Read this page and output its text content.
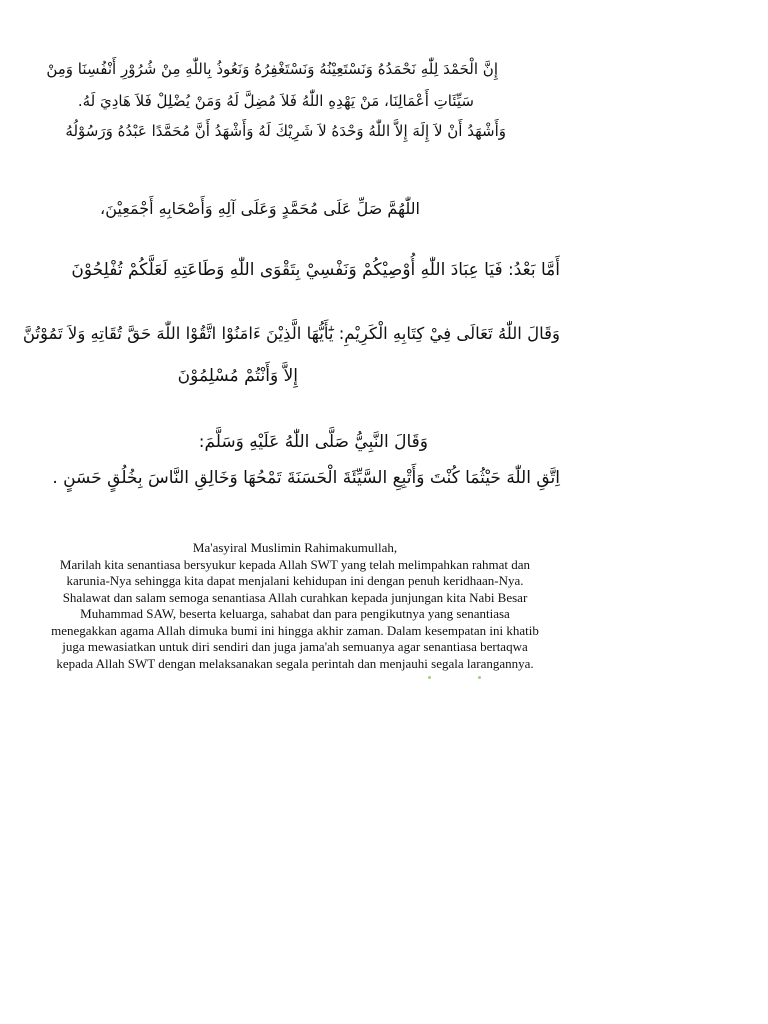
إِنَّ الْحَمْدَ لِلّٰهِ نَحْمَدُهُ وَنَسْتَعِيْنُهُ وَنَسْتَغْفِرُهُ وَنَعُوذُ بِاللّٰهِ مِنْ شُرُوْرِ أَنْفُسِنَا وَمِنْ
سَيِّئَاتِ أَعْمَالِنَا، مَنْ يَهْدِهِ اللّٰهُ فَلاَ مُضِلَّ لَهُ وَمَنْ يُضْلِلْ فَلاَ هَادِيَ لَهُ.
وَأَشْهَدُ أَنْ لاَ إِلَهَ إِلاَّ اللّٰهُ وَحْدَهُ لاَ شَرِيْكَ لَهُ وَأَشْهَدُ أَنَّ مُحَمَّدًا عَبْدُهُ وَرَسُوْلُهُ
اللّٰهُمَّ صَلِّ عَلَى مُحَمَّدٍ وَعَلَى آلِهِ وَأَصْحَابِهِ أَجْمَعِيْنَ،
أَمَّا بَعْدُ: فَيَا عِبَادَ اللّٰهِ أُوْصِيْكُمْ وَنَفْسِيْ بِتَقْوَى اللّٰهِ وَطَاعَتِهِ لَعَلَّكُمْ تُفْلِحُوْنَ
وَقَالَ اللّٰهُ تَعَالَى فِيْ كِتَابِهِ الْكَرِيْمِ: يَٰٓأَيُّهَا الَّذِيْنَ ءَامَنُوْا اتَّقُوْا اللّٰهَ حَقَّ تُقَاتِهِ وَلاَ تَمُوْتُنَّ
إِلاَّ وَأَنْتُمْ مُسْلِمُوْنَ
وَقَالَ النَّبِيُّ صَلَّى اللّٰهُ عَلَيْهِ وَسَلَّمَ:
اِتَّقِ اللّٰهَ حَيْثُمَا كُنْتَ وَأَتْبِعِ السَّيِّئَةَ الْحَسَنَةَ تَمْحُهَا وَخَالِقِ النَّاسَ بِخُلُقٍ حَسَنٍ .
Ma'asyiral Muslimin Rahimakumullah,
Marilah kita senantiasa bersyukur kepada Allah SWT yang telah melimpahkan rahmat dan
karunia-Nya sehingga kita dapat menjalani kehidupan ini dengan penuh keridhaan-Nya.
Shalawat dan salam semoga senantiasa Allah curahkan kepada junjungan kita Nabi Besar
Muhammad SAW, beserta keluarga, sahabat dan para pengikutnya yang senantiasa
menegakkan agama Allah dimuka bumi ini hingga akhir zaman. Dalam kesempatan ini khatib
juga mewasiatkan untuk diri sendiri dan juga jama'ah semuanya agar senantiasa bertaqwa
kepada Allah SWT dengan melaksanakan segala perintah dan menjauhi segala larangannya.
